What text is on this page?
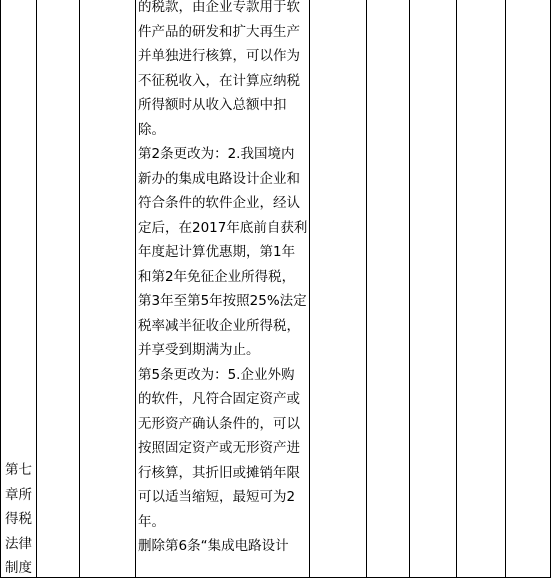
第七
章所
得税
法律
制度
的税款，由企业专款用于软
件产品的研发和扩大再生产
并单独进行核算，可以作为
不征税收入，在计算应纳税
所得额时从收入总额中扣
除。
第2条更改为：2.我国境内
新办的集成电路设计企业和
符合条件的软件企业，经认
定后，在2017年底前自获利
年度起计算优惠期，第1年
和第2年免征企业所得税，
第3年至第5年按照25%法定
税率减半征收企业所得税，
并享受到期满为止。
第5条更改为：5.企业外购
的软件，凡符合固定资产或
无形资产确认条件的，可以
按照固定资产或无形资产进
行核算，其折旧或摊销年限
可以适当缩短，最短可为2
年。
删除第6条“集成电路设计
